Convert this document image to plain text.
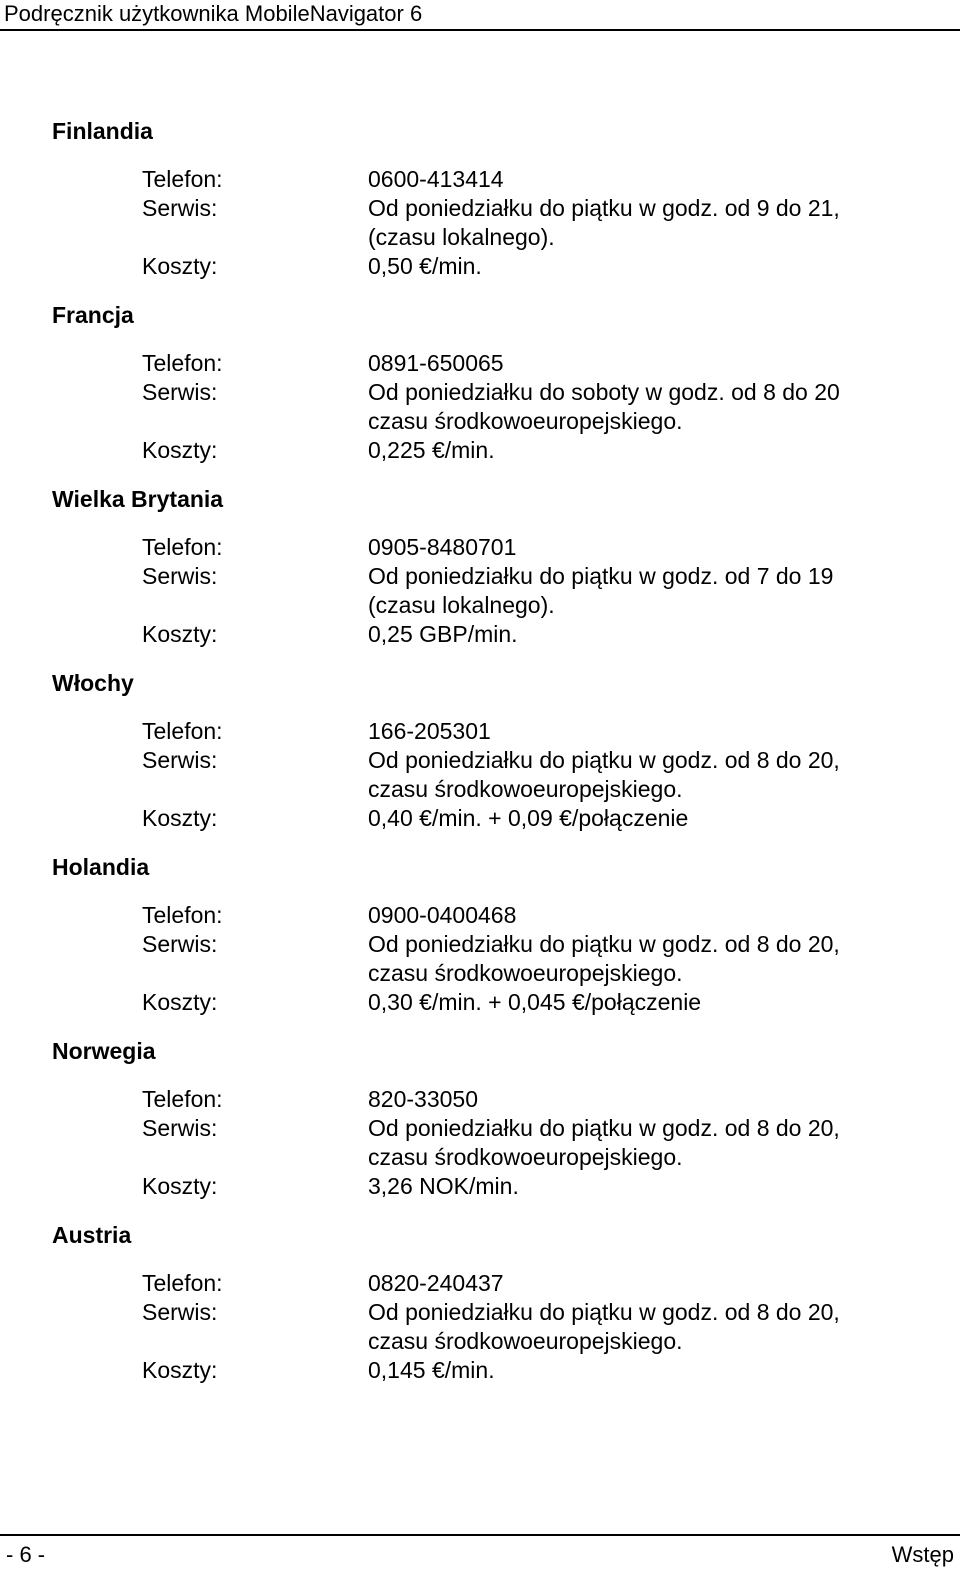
Podręcznik użytkownika MobileNavigator 6
Finlandia
Telefon:	0600-413414
Serwis:	Od poniedziałku do piątku w godz. od 9 do 21,
(czasu lokalnego).
Koszty:	0,50 €/min.
Francja
Telefon:	0891-650065
Serwis:	Od poniedziałku do soboty w godz. od 8 do 20
czasu środkowoeuropejskiego.
Koszty:	0,225 €/min.
Wielka Brytania
Telefon:	0905-8480701
Serwis:	Od poniedziałku do piątku w godz. od 7 do 19
(czasu lokalnego).
Koszty:	0,25 GBP/min.
Włochy
Telefon:	166-205301
Serwis:	Od poniedziałku do piątku w godz. od 8 do 20,
czasu środkowoeuropejskiego.
Koszty:	0,40 €/min. + 0,09 €/połączenie
Holandia
Telefon:	0900-0400468
Serwis:	Od poniedziałku do piątku w godz. od 8 do 20,
czasu środkowoeuropejskiego.
Koszty:	0,30 €/min. + 0,045 €/połączenie
Norwegia
Telefon:	820-33050
Serwis:	Od poniedziałku do piątku w godz. od 8 do 20,
czasu środkowoeuropejskiego.
Koszty:	3,26 NOK/min.
Austria
Telefon:	0820-240437
Serwis:	Od poniedziałku do piątku w godz. od 8 do 20,
czasu środkowoeuropejskiego.
Koszty:	0,145 €/min.
- 6 -	Wstęp
